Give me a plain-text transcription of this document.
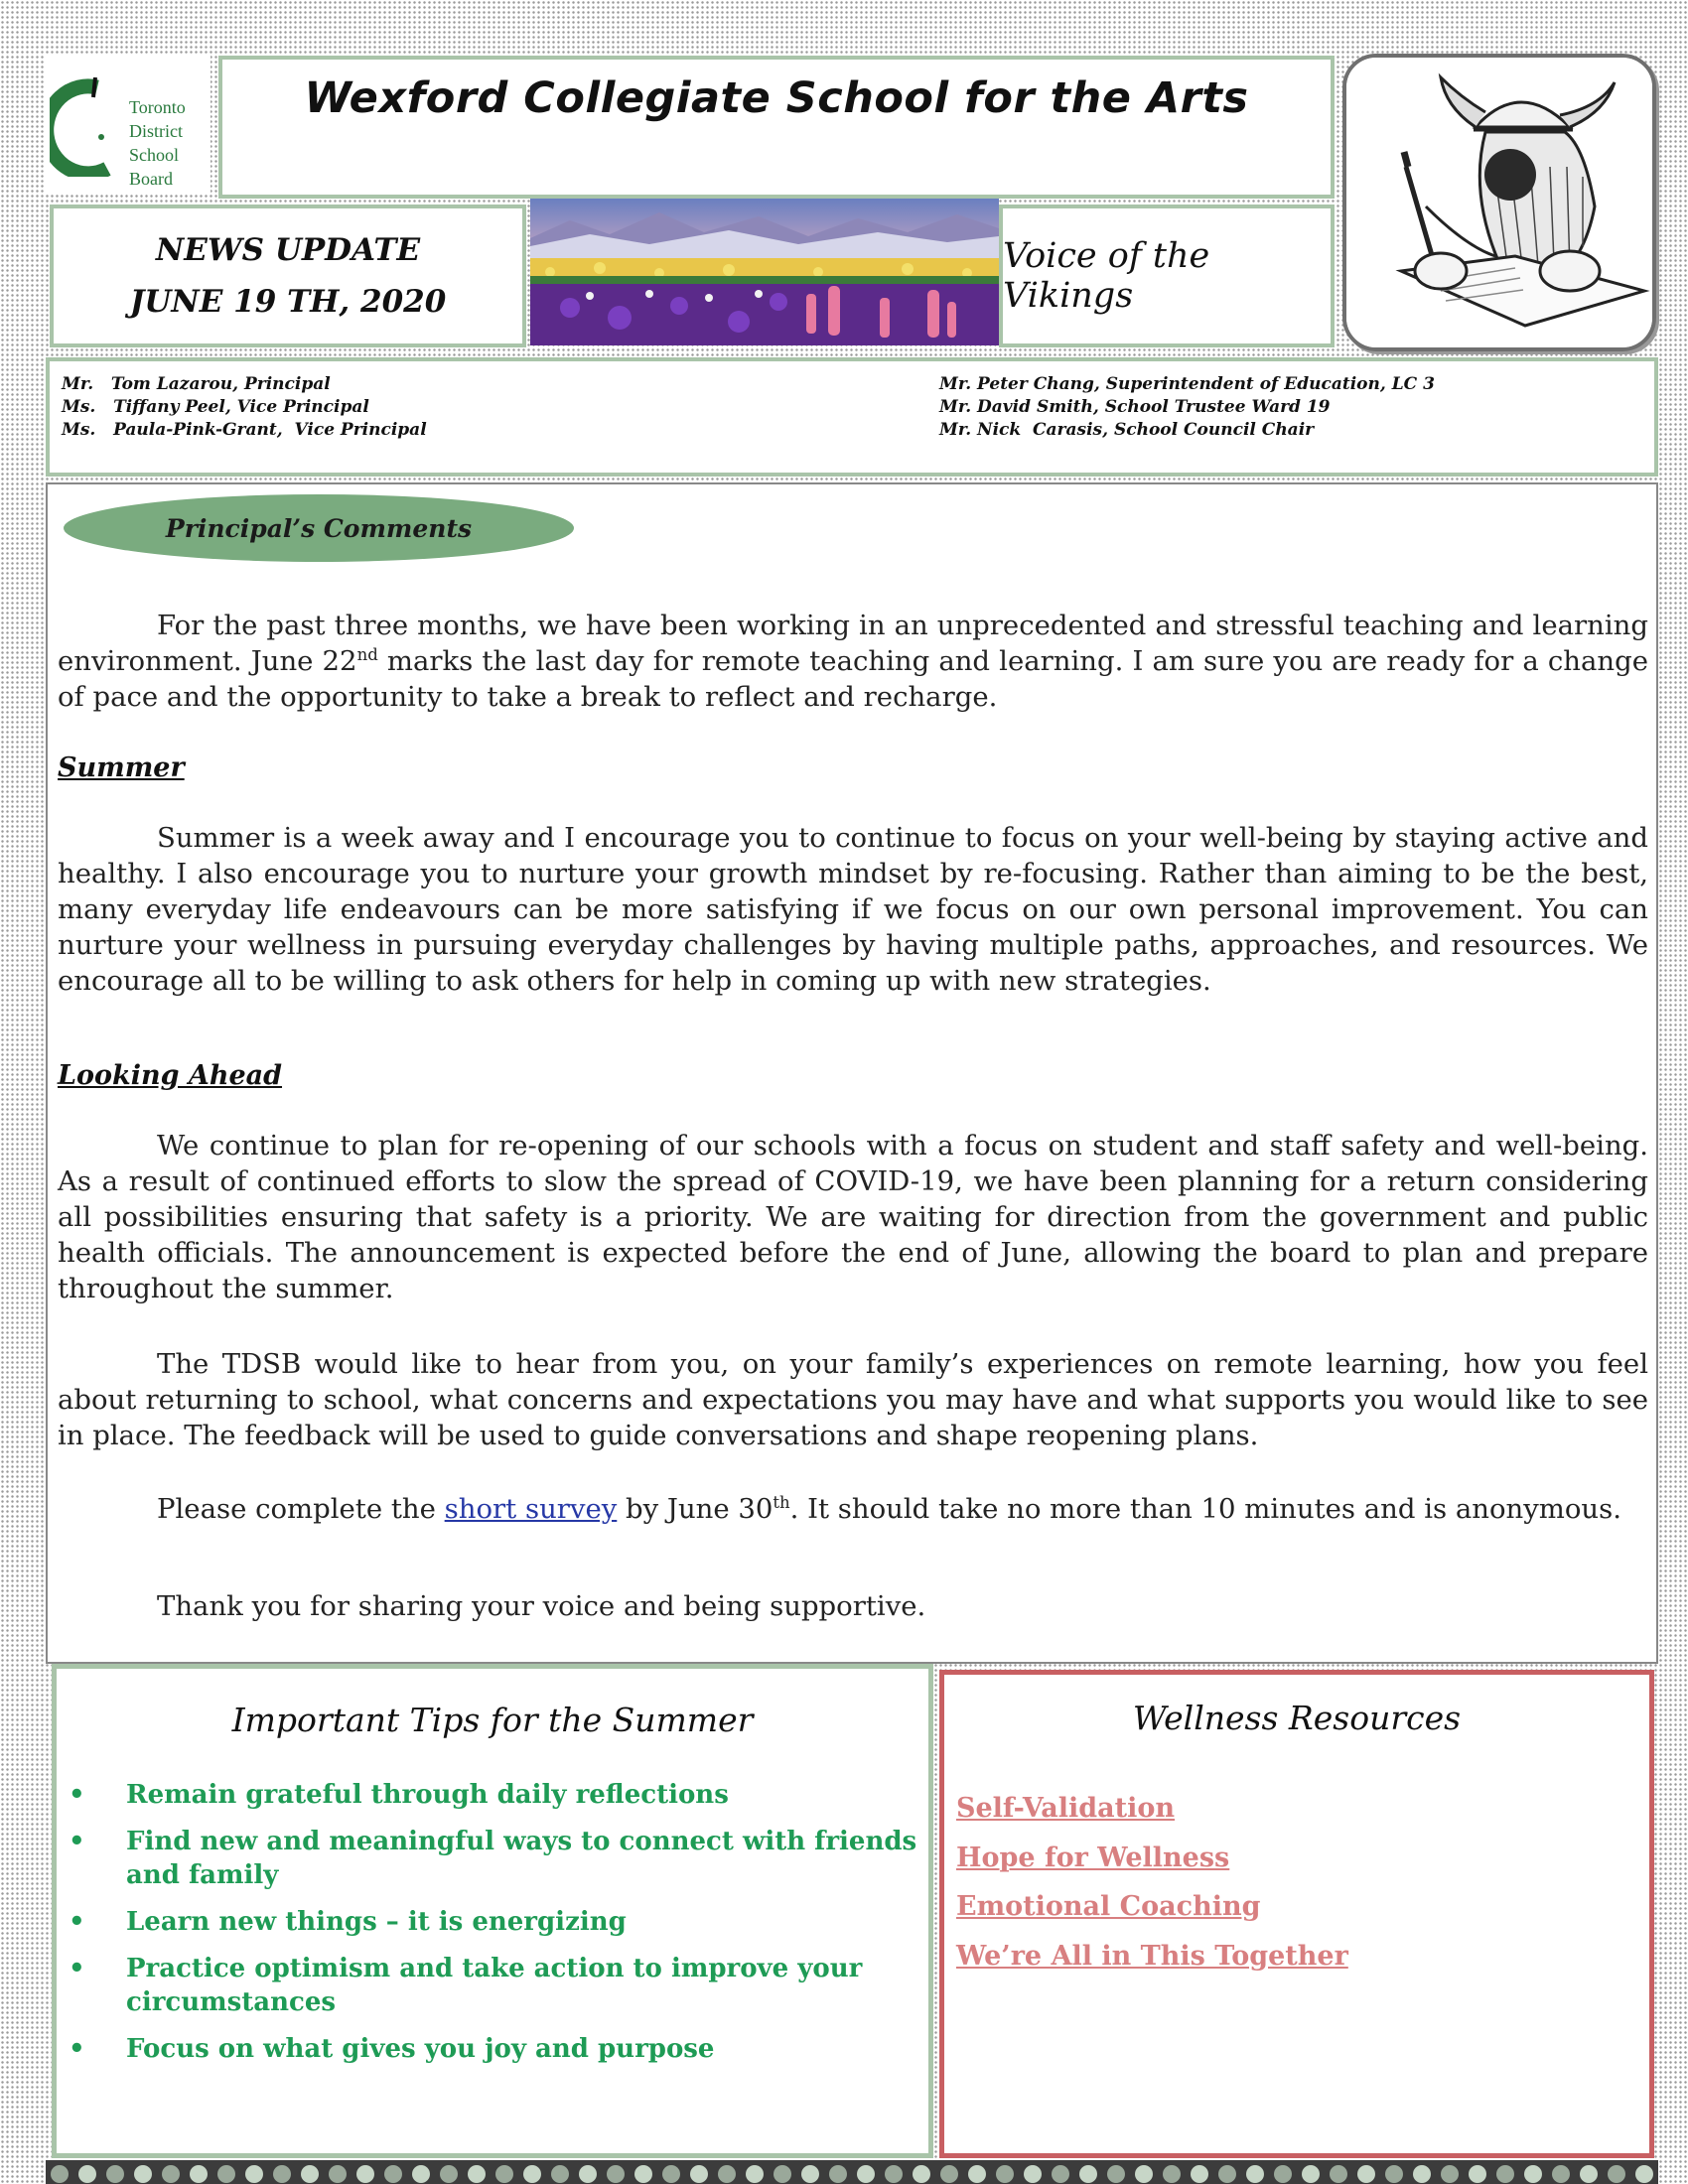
Toronto
District
School
Board
Wexford Collegiate School for the Arts
NEWS UPDATE
JUNE 19 TH, 2020
Voice of the Vikings
Mr.   Tom Lazarou, Principal
Ms.   Tiffany Peel, Vice Principal
Ms.   Paula-Pink-Grant,  Vice Principal
Mr. Peter Chang, Superintendent of Education, LC 3
Mr. David Smith, School Trustee Ward 19
Mr. Nick  Carasis, School Council Chair
Principal’s Comments

For the past three months, we have been working in an unprecedented and stressful teaching and learning environment. June 22nd marks the last day for remote teaching and learning. I am sure you are ready for a change of pace and the opportunity to take a break to reflect and recharge.

Summer

Summer is a week away and I encourage you to continue to focus on your well-being by staying active and healthy. I also encourage you to nurture your growth mindset by re-focusing. Rather than aiming to be the best, many everyday life endeavours can be more satisfying if we focus on our own personal improvement. You can nurture your wellness in pursuing everyday challenges by having multiple paths, approaches, and resources. We encourage all to be willing to ask others for help in coming up with new strategies.

Looking Ahead

We continue to plan for re-opening of our schools with a focus on student and staff safety and well-being. As a result of continued efforts to slow the spread of COVID-19, we have been planning for a return considering all possibilities ensuring that safety is a priority. We are waiting for direction from the government and public health officials. The announcement is expected before the end of June, allowing the board to plan and prepare throughout the summer.

The TDSB would like to hear from you, on your family’s experiences on remote learning, how you feel about returning to school, what concerns and expectations you may have and what supports you would like to see in place. The feedback will be used to guide conversations and shape reopening plans.

Please complete the short survey by June 30th. It should take no more than 10 minutes and is anonymous.

Thank you for sharing your voice and being supportive.

Important Tips for the Summer
• Remain grateful through daily reflections
• Find new and meaningful ways to connect with friends and family
• Learn new things – it is energizing
• Practice optimism and take action to improve your circumstances
• Focus on what gives you joy and purpose
Wellness Resources
Self-Validation
Hope for Wellness
Emotional Coaching
We’re All in This Together
